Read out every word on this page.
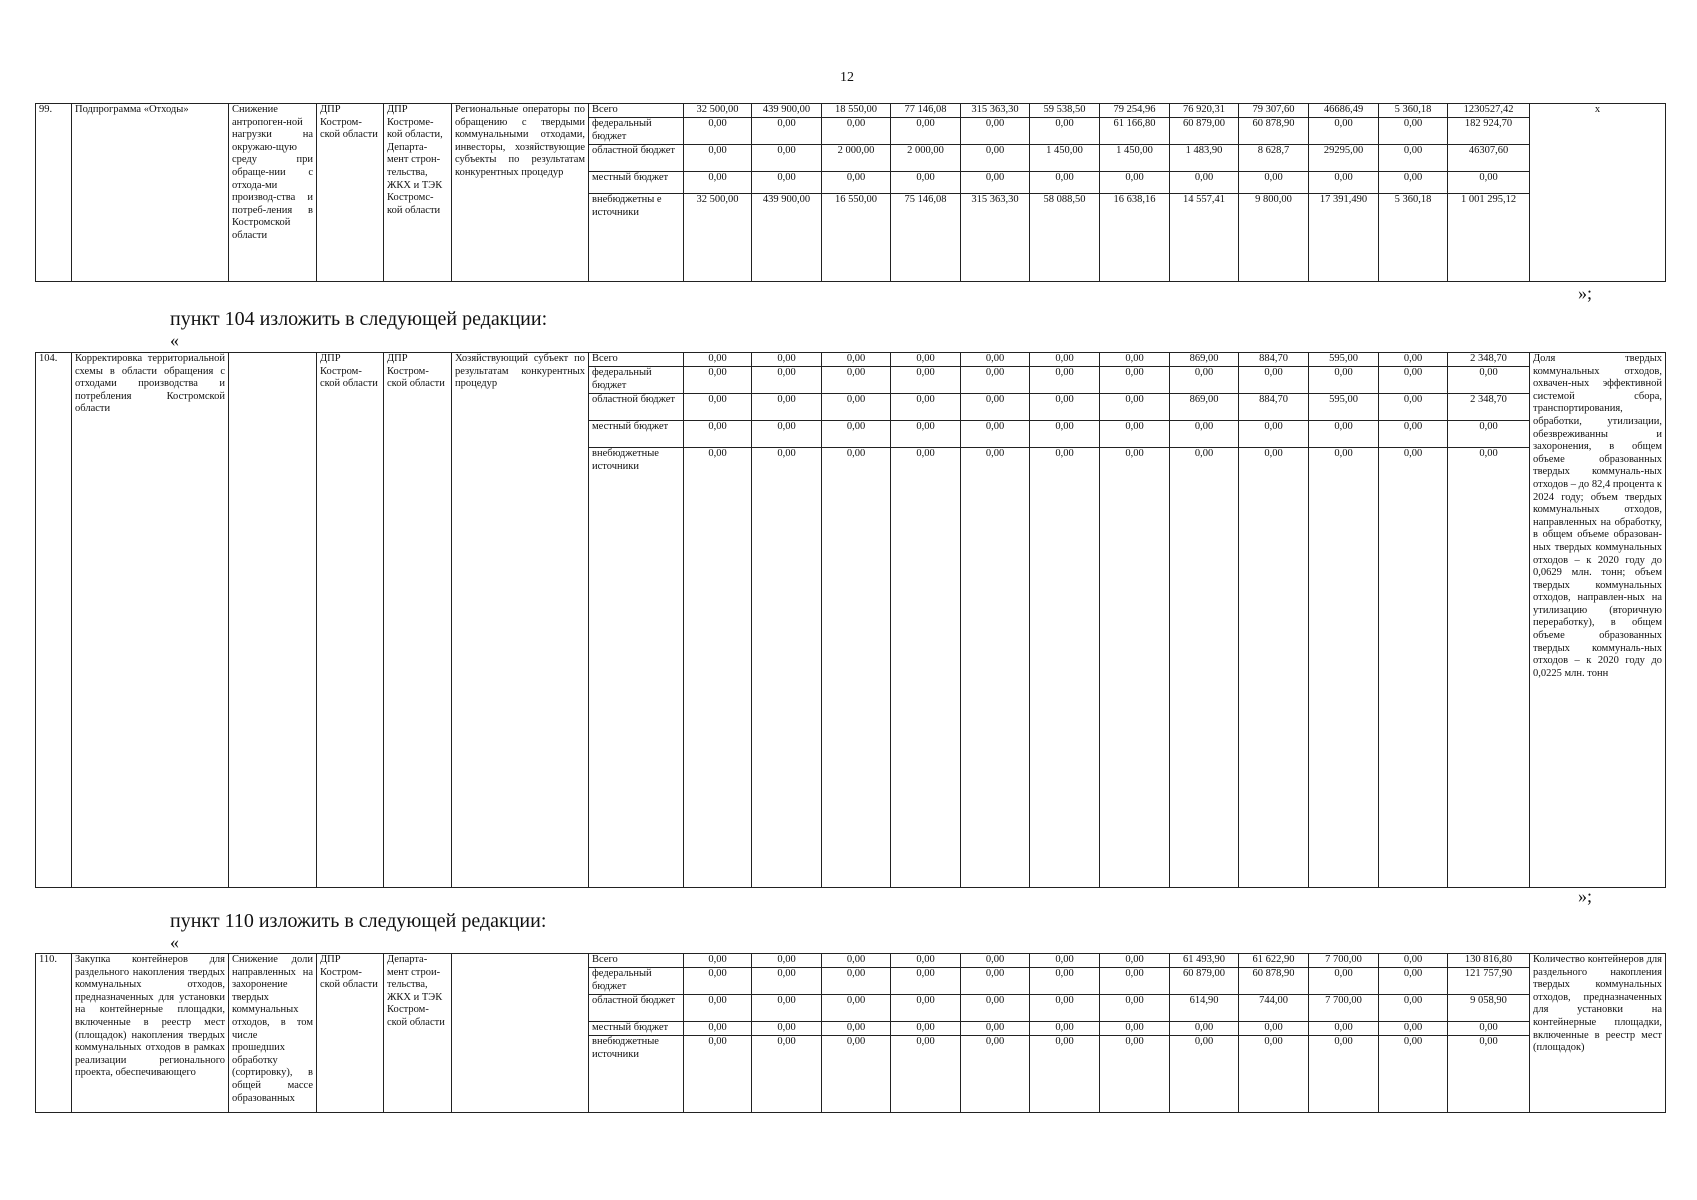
12
99.	Подпрограмма «Отходы»	Снижение антропоген-ной нагрузки на окружаю-щую среду при обраще-нии с отхода-ми производ-ства и потреб-ления в Костромской области	ДПР Костром-ской области	ДПР Костроме-кой области, Департа-мент строн-тельства, ЖКХ и ТЭК Костромс-кой области	Региональные операторы по обращению с твердыми коммунальными отходами, инвесторы, хозяйствующие субъекты по результатам конкурентных процедур	Всего	32 500,00	439 900,00	18 550,00	77 146,08	315 363,30	59 538,50	79 254,96	76 920,31	79 307,60	46686,49	5 360,18	1230527,42	х
						федеральный бюджет	0,00	0,00	0,00	0,00	0,00	0,00	61 166,80	60 879,00	60 878,90	0,00	0,00	182 924,70	
						областной бюджет	0,00	0,00	2 000,00	2 000,00	0,00	1 450,00	1 450,00	1 483,90	8 628,7	29295,00	0,00	46307,60	
						местный бюджет	0,00	0,00	0,00	0,00	0,00	0,00	0,00	0,00	0,00	0,00	0,00	0,00	
						внебюджетны е источники	32 500,00	439 900,00	16 550,00	75 146,08	315 363,30	58 088,50	16 638,16	14 557,41	9 800,00	17 391,490	5 360,18	1 001 295,12	
»;
пункт 104 изложить в следующей редакции:
«
104.	Корректировка территориальной схемы в области обращения с отходами производства и потребления Костромской области		ДПР Костром-ской области	ДПР Костром-ской области	Хозяйствующий субъект по результатам конкурентных процедур	Всего	0,00	0,00	0,00	0,00	0,00	0,00	0,00	869,00	884,70	595,00	0,00	2 348,70	Доля твердых коммунальных отходов, охвачен-ных эффективной системой сбора, транспортирования, обработки, утилизации, обезвреживанны и захоронения, в общем объеме образованных твердых коммуналь-ных отходов – до 82,4 процента к 2024 году; объем твердых коммунальных отходов, направленных на обработку, в общем объеме образован-ных твердых коммунальных отходов – к 2020 году до 0,0629 млн. тонн; объем твердых коммунальных отходов, направлен-ных на утилизацию (вторичную переработку), в общем объеме образованных твердых коммуналь-ных отходов – к 2020 году до 0,0225 млн. тонн
						федеральный бюджет	0,00	0,00	0,00	0,00	0,00	0,00	0,00	0,00	0,00	0,00	0,00	0,00	
						областной бюджет	0,00	0,00	0,00	0,00	0,00	0,00	0,00	869,00	884,70	595,00	0,00	2 348,70	
						местный бюджет	0,00	0,00	0,00	0,00	0,00	0,00	0,00	0,00	0,00	0,00	0,00	0,00	
						внебюджетные источники	0,00	0,00	0,00	0,00	0,00	0,00	0,00	0,00	0,00	0,00	0,00	0,00	
»;
пункт 110 изложить в следующей редакции:
«
110.	Закупка контейнеров для раздельного накопления твердых коммунальных отходов, предназначенных для установки на контейнерные площадки, включенные в реестр мест (площадок) накопления твердых коммунальных отходов в рамках реализации регионального проекта, обеспечивающего	Снижение доли направленных на захоронение твердых коммунальных отходов, в том числе прошедших обработку (сортировку), в общей массе образованных	ДПР Костром-ской области	Департа-мент строи-тельства, ЖКХ и ТЭК Костром-ской области		Всего	0,00	0,00	0,00	0,00	0,00	0,00	0,00	61 493,90	61 622,90	7 700,00	0,00	130 816,80	Количество контейнеров для раздельного накопления твердых коммунальных отходов, предназначенных для установки на контейнерные площадки, включенные в реестр мест (площадок)
						федеральный бюджет	0,00	0,00	0,00	0,00	0,00	0,00	0,00	60 879,00	60 878,90	0,00	0,00	121 757,90	
						областной бюджет	0,00	0,00	0,00	0,00	0,00	0,00	0,00	614,90	744,00	7 700,00	0,00	9 058,90	
						местный бюджет	0,00	0,00	0,00	0,00	0,00	0,00	0,00	0,00	0,00	0,00	0,00	0,00	
						внебюджетные источники	0,00	0,00	0,00	0,00	0,00	0,00	0,00	0,00	0,00	0,00	0,00	0,00	
